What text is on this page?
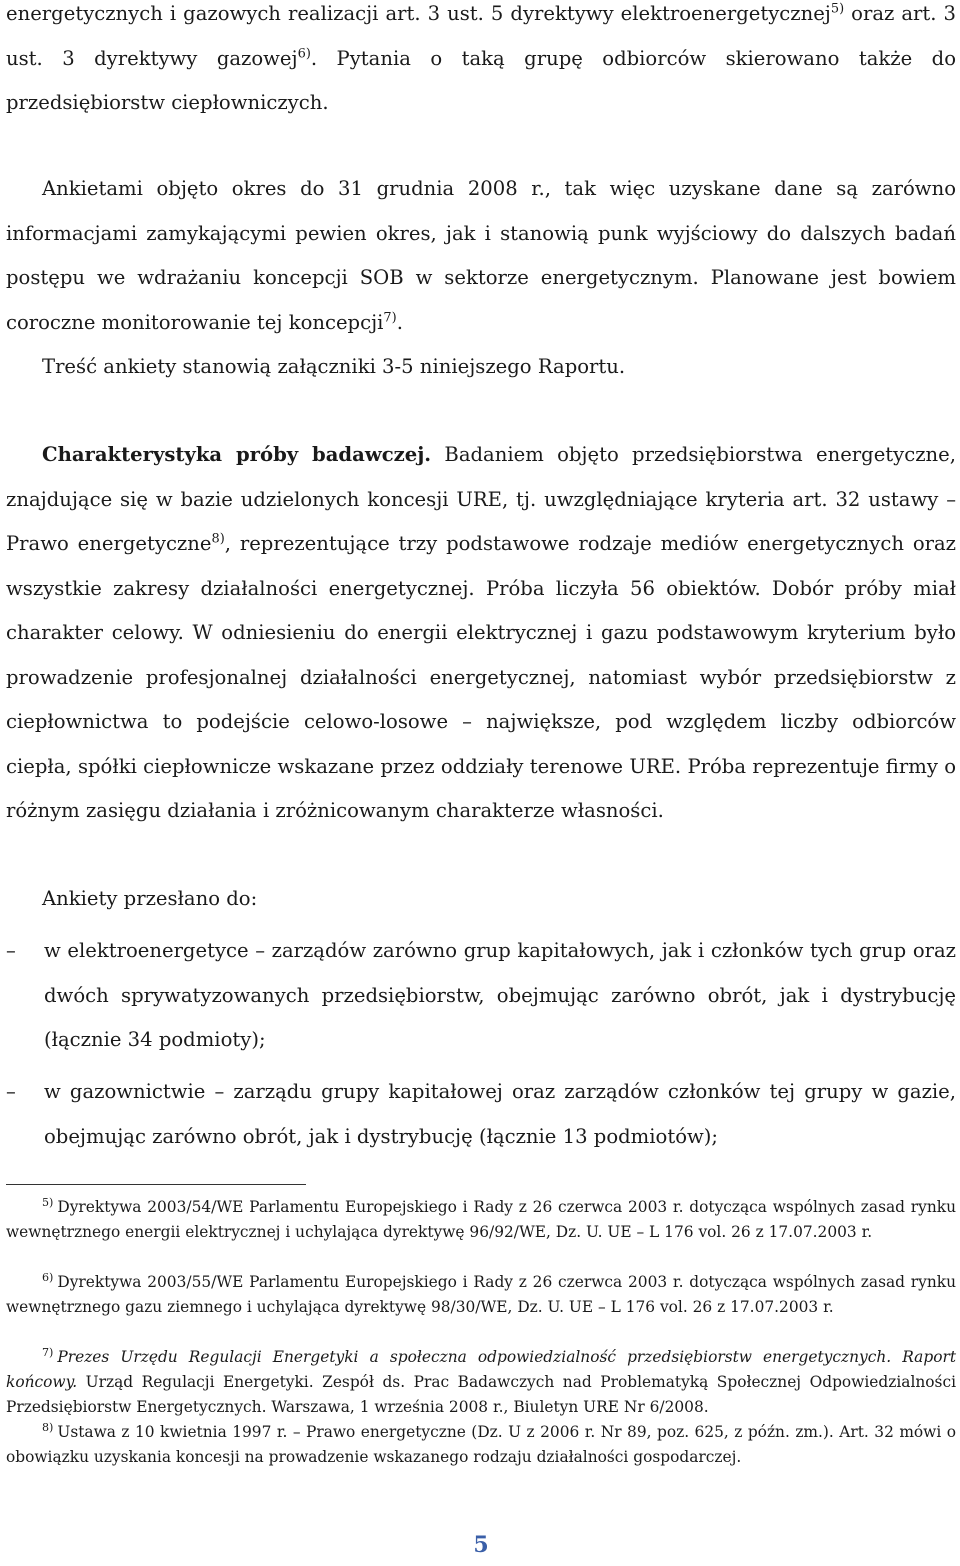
energetycznych i gazowych realizacji art. 3 ust. 5 dyrektywy elektroenergetycznej$^{5)}$ oraz art. 3 ust. 3 dyrektywy gazowej$^{6)}$. Pytania o taką grupę odbiorców skierowano także do przedsiębiorstw ciepłowniczych.

Ankietami objęto okres do 31 grudnia 2008 r., tak więc uzyskane dane są zarówno informacjami zamykającymi pewien okres, jak i stanowią punk wyjściowy do dalszych badań postępu we wdrażaniu koncepcji SOB w sektorze energetycznym. Planowane jest bowiem coroczne monitorowanie tej koncepcji$^{7)}$.

Treść ankiety stanowią załączniki 3-5 niniejszego Raportu.

Charakterystyka próby badawczej. Badaniem objęto przedsiębiorstwa energetyczne, znajdujące się w bazie udzielonych koncesji URE, tj. uwzględniające kryteria art. 32 ustawy – Prawo energetyczne$^{8)}$, reprezentujące trzy podstawowe rodzaje mediów energetycznych oraz wszystkie zakresy działalności energetycznej. Próba liczyła 56 obiektów. Dobór próby miał charakter celowy. W odniesieniu do energii elektrycznej i gazu podstawowym kryterium było prowadzenie profesjonalnej działalności energetycznej, natomiast wybór przedsiębiorstw z ciepłownictwa to podejście celowo-losowe – największe, pod względem liczby odbiorców ciepła, spółki ciepłownicze wskazane przez oddziały terenowe URE. Próba reprezentuje firmy o różnym zasięgu działania i zróżnicowanym charakterze własności.

Ankiety przesłano do:

–	w elektroenergetyce – zarządów zarówno grup kapitałowych, jak i członków tych grup oraz dwóch sprywatyzowanych przedsiębiorstw, obejmując zarówno obrót, jak i dystrybucję (łącznie 34 podmioty);
–	w gazownictwie – zarządu grupy kapitałowej oraz zarządów członków tej grupy w gazie, obejmując zarówno obrót, jak i dystrybucję (łącznie 13 podmiotów);

$^{5)}$ Dyrektywa 2003/54/WE Parlamentu Europejskiego i Rady z 26 czerwca 2003 r. dotycząca wspólnych zasad rynku wewnętrznego energii elektrycznej i uchylająca dyrektywę 96/92/WE, Dz. U. UE – L 176 vol. 26 z 17.07.2003 r.

$^{6)}$ Dyrektywa 2003/55/WE Parlamentu Europejskiego i Rady z 26 czerwca 2003 r. dotycząca wspólnych zasad rynku wewnętrznego gazu ziemnego i uchylająca dyrektywę 98/30/WE, Dz. U. UE – L 176 vol. 26 z 17.07.2003 r.

$^{7)}$ Prezes Urzędu Regulacji Energetyki a społeczna odpowiedzialność przedsiębiorstw energetycznych. Raport końcowy. Urząd Regulacji Energetyki. Zespół ds. Prac Badawczych nad Problematyką Społecznej Odpowiedzialności Przedsiębiorstw Energetycznych. Warszawa, 1 września 2008 r., Biuletyn URE Nr 6/2008.

$^{8)}$ Ustawa z 10 kwietnia 1997 r. – Prawo energetyczne (Dz. U z 2006 r. Nr 89, poz. 625, z późn. zm.). Art. 32 mówi o obowiązku uzyskania koncesji na prowadzenie wskazanego rodzaju działalności gospodarczej.

5
